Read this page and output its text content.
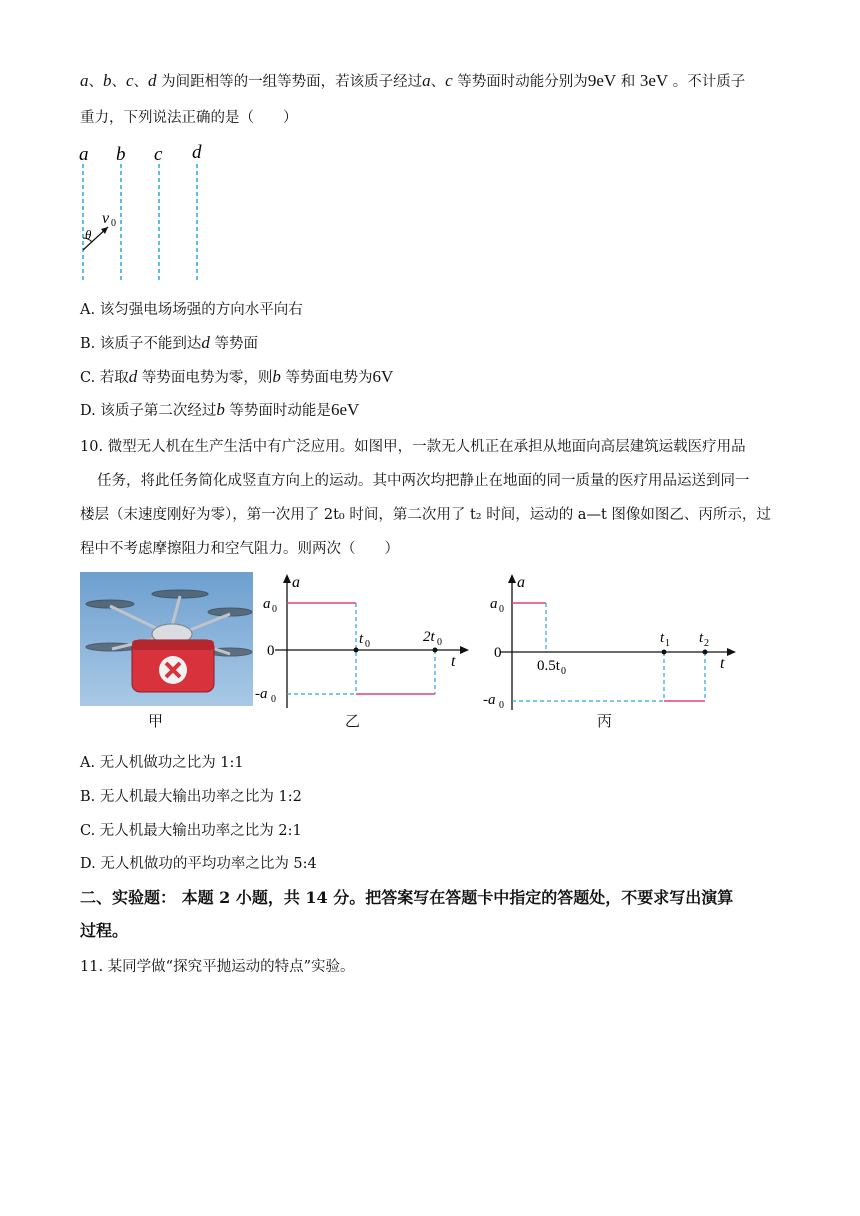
a、b、c、d 为间距相等的一组等势面，若该质子经过a、c 等势面时动能分别为9eV 和 3eV 。不计质子
重力，下列说法正确的是（　　）
a b c d
θ
v 0
A. 该匀强电场场强的方向水平向右
B. 该质子不能到达d 等势面
C. 若取d 等势面电势为零，则b 等势面电势为6V
D. 该质子第二次经过b 等势面时动能是6eV
10. 微型无人机在生产生活中有广泛应用。如图甲，一款无人机正在承担从地面向高层建筑运载医疗用品
任务，将此任务简化成竖直方向上的运动。其中两次均把静止在地面的同一质量的医疗用品运送到同一
楼层（末速度刚好为零），第一次用了 2t₀ 时间，第二次用了 t₂ 时间，运动的 a—t 图像如图乙、丙所示，过
程中不考虑摩擦阻力和空气阻力。则两次（　　）
甲
a
t
a 0
0
-a 0
t 0	2t 0
乙
a
t
a 0
0
-a 0
0.5t 0
t 1 t 2
丙
A. 无人机做功之比为 1:1
B. 无人机最大输出功率之比为 1:2
C. 无人机最大输出功率之比为 2:1
D. 无人机做功的平均功率之比为 5:4
二、实验题： 本题 2 小题，共 14 分。把答案写在答题卡中指定的答题处，不要求写出演算
过程。
11. 某同学做“探究平抛运动的特点”实验。
